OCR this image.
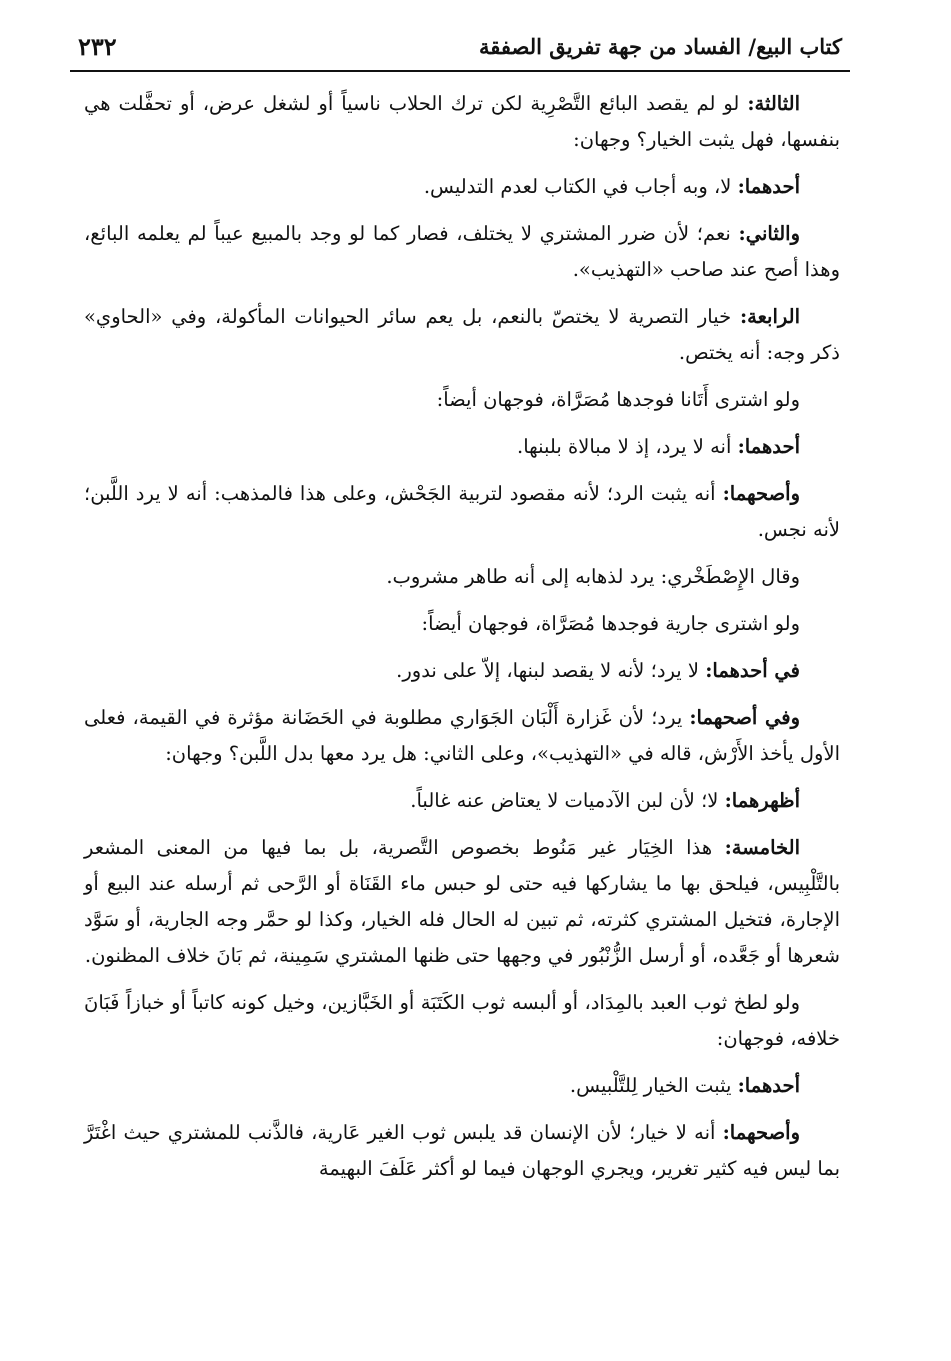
كتاب البيع/ الفساد من جهة تفريق الصفقة
٢٣٢

الثالثة: لو لم يقصد البائع التَّصْرِية لكن ترك الحلاب ناسياً أو لشغل عرض، أو تحفَّلت هي بنفسها، فهل يثبت الخيار؟ وجهان:

أحدهما: لا، وبه أجاب في الكتاب لعدم التدليس.

والثاني: نعم؛ لأن ضرر المشتري لا يختلف، فصار كما لو وجد بالمبيع عيباً لم يعلمه البائع، وهذا أصح عند صاحب «التهذيب».

الرابعة: خيار التصرية لا يختصّ بالنعم، بل يعم سائر الحيوانات المأكولة، وفي «الحاوي» ذكر وجه: أنه يختص.

ولو اشترى أَتَانا فوجدها مُصَرَّاة، فوجهان أيضاً:

أحدهما: أنه لا يرد، إذ لا مبالاة بلبنها.

وأصحهما: أنه يثبت الرد؛ لأنه مقصود لتربية الجَحْش، وعلى هذا فالمذهب: أنه لا يرد اللَّبن؛ لأنه نجس.

وقال الإِصْطَخْري: يرد لذهابه إلى أنه طاهر مشروب.

ولو اشترى جارية فوجدها مُصَرَّاة، فوجهان أيضاً:

في أحدهما: لا يرد؛ لأنه لا يقصد لبنها، إلاّ على ندور.

وفي أصحهما: يرد؛ لأن غَزارة أَلْبَان الجَوَاري مطلوبة في الحَضَانة مؤثرة في القيمة، فعلى الأول يأخذ الأَرْش، قاله في «التهذيب»، وعلى الثاني: هل يرد معها بدل اللَّبن؟ وجهان:

أظهرهما: لا؛ لأن لبن الآدميات لا يعتاض عنه غالباً.

الخامسة: هذا الخِيَار غير مَنُوط بخصوص التَّصرية، بل بما فيها من المعنى المشعر بالتَّلْبِيس، فيلحق بها ما يشاركها فيه حتى لو حبس ماء القَنَاة أو الرَّحى ثم أرسله عند البيع أو الإجارة، فتخيل المشتري كثرته، ثم تبين له الحال فله الخيار، وكذا لو حمَّر وجه الجارية، أو سَوَّد شعرها أو جَعَّده، أو أرسل الزُّنْبُور في وجهها حتى ظنها المشتري سَمِينة، ثم بَانَ خلاف المظنون.

ولو لطخ ثوب العبد بالمِدَاد، أو ألبسه ثوب الكَتَبَة أو الخَبَّازين، وخيل كونه كاتباً أو خبازاً فَبَانَ خلافه، فوجهان:

أحدهما: يثبت الخيار لِلتَّلْبيس.

وأصحهما: أنه لا خيار؛ لأن الإنسان قد يلبس ثوب الغير عَارية، فالذَّنب للمشتري حيث اغْتَرَّ بما ليس فيه كثير تغرير، ويجري الوجهان فيما لو أكثر عَلَفَ البهيمة
